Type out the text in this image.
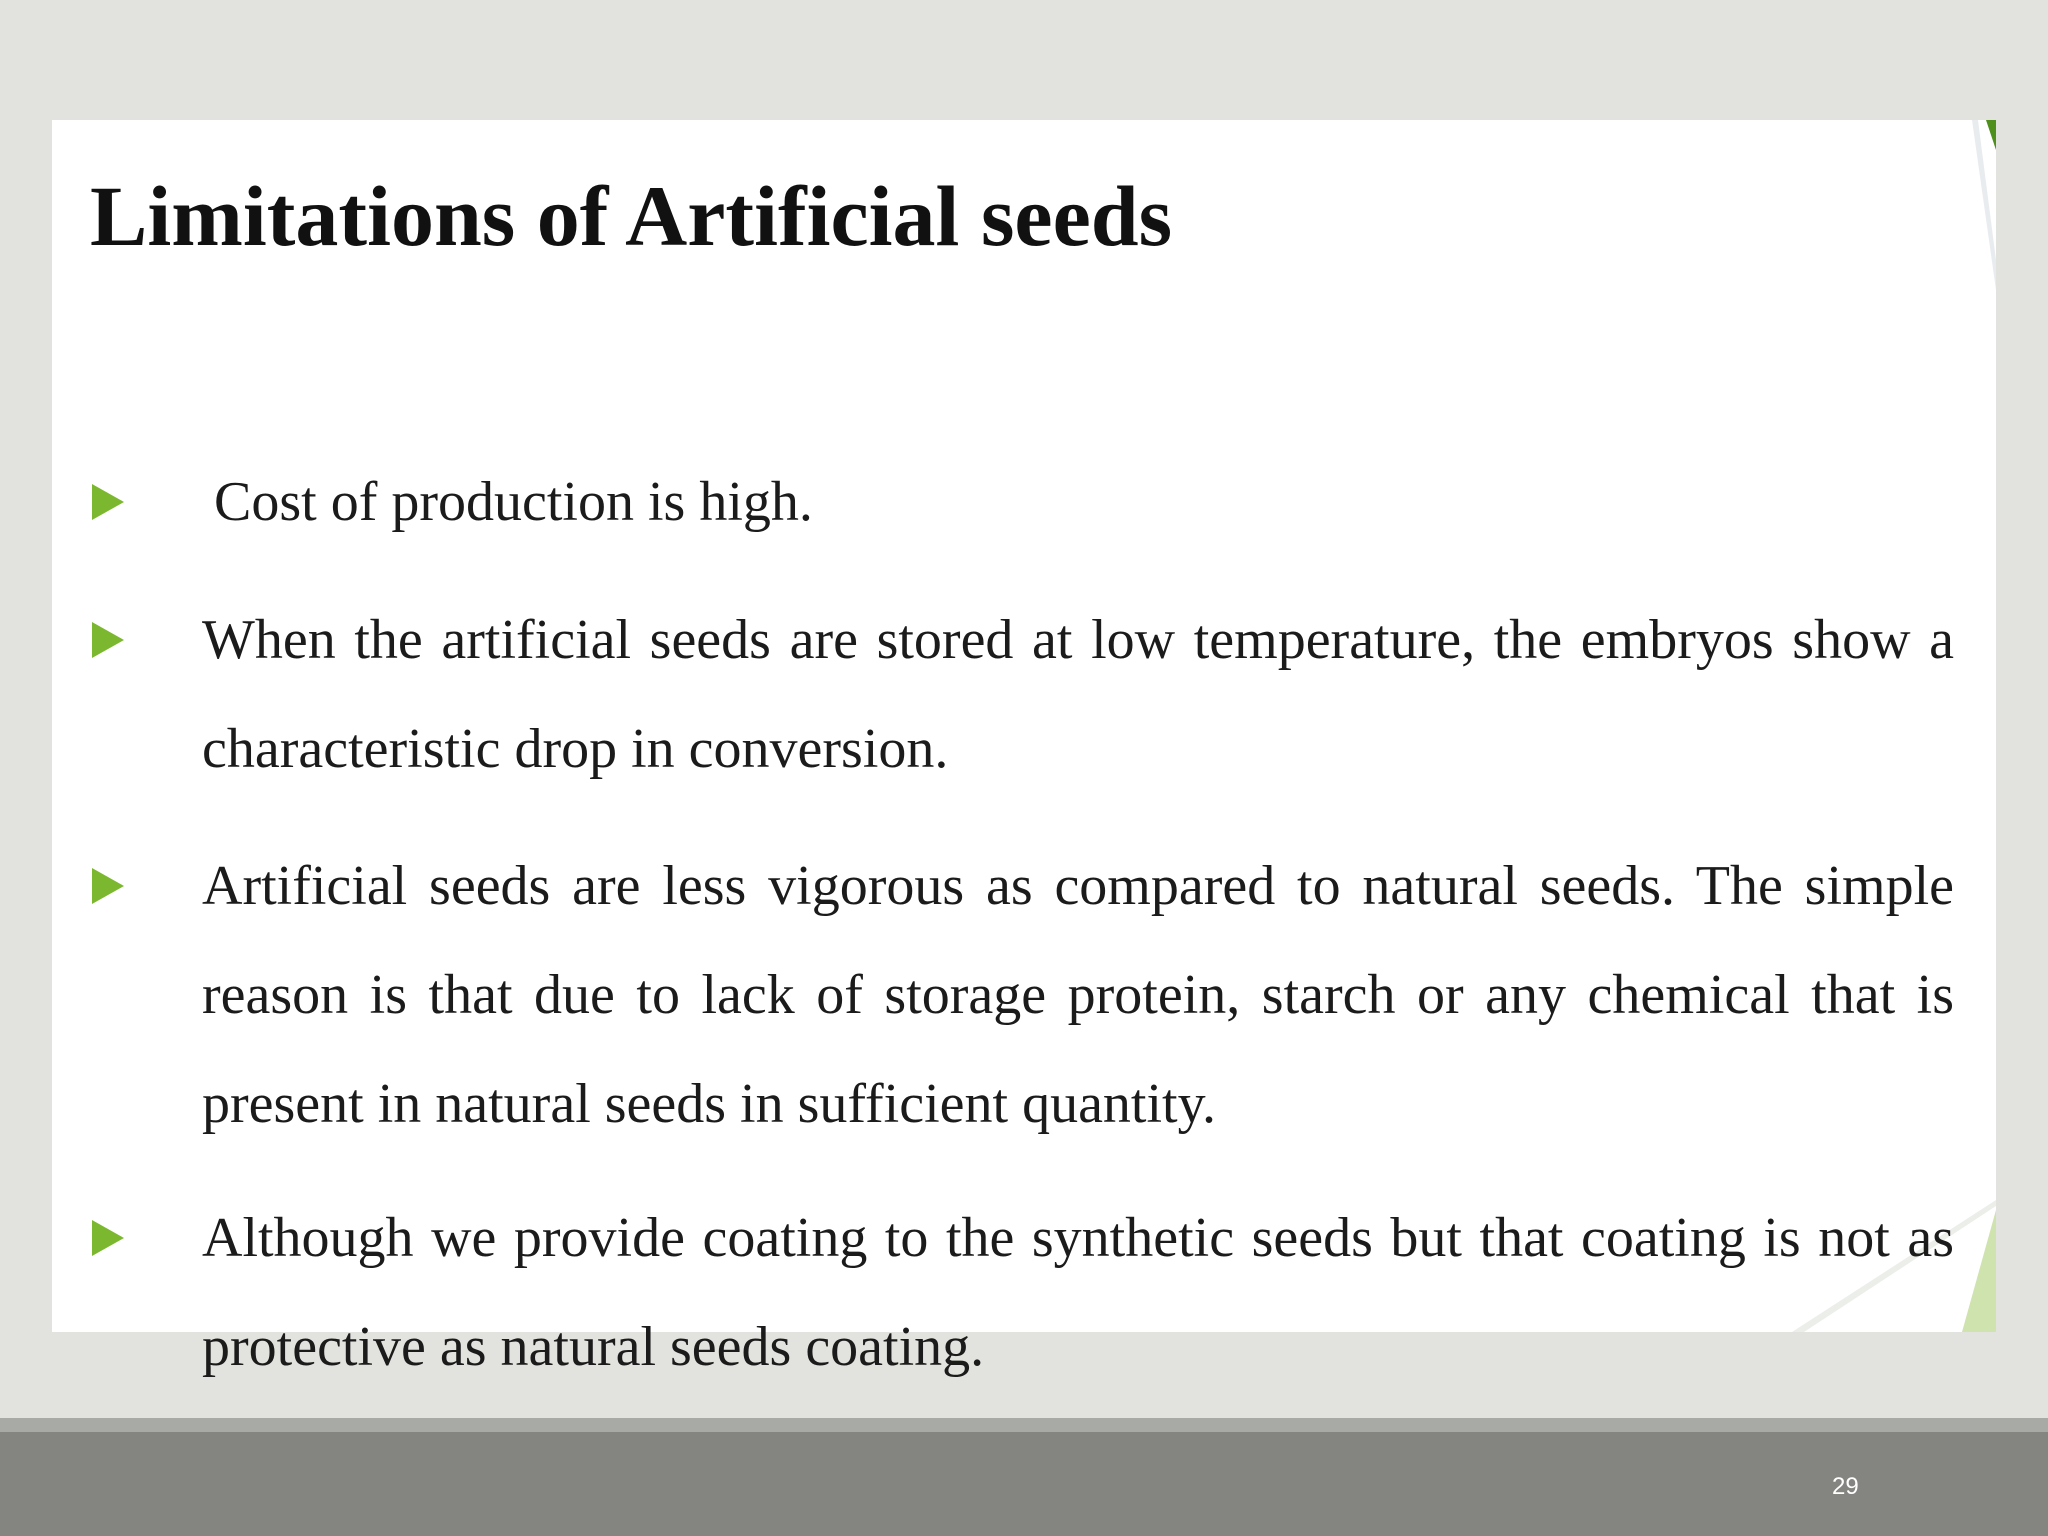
Limitations of Artificial seeds

Cost of production is high.

When the artificial seeds are stored at low temperature, the embryos show a characteristic drop in conversion.

Artificial seeds are less vigorous as compared to natural seeds. The simple reason is that due to lack of storage protein, starch or any chemical that is present in natural seeds in sufficient quantity.

Although we provide coating to the synthetic seeds but that coating is not as protective as natural seeds coating.

29
